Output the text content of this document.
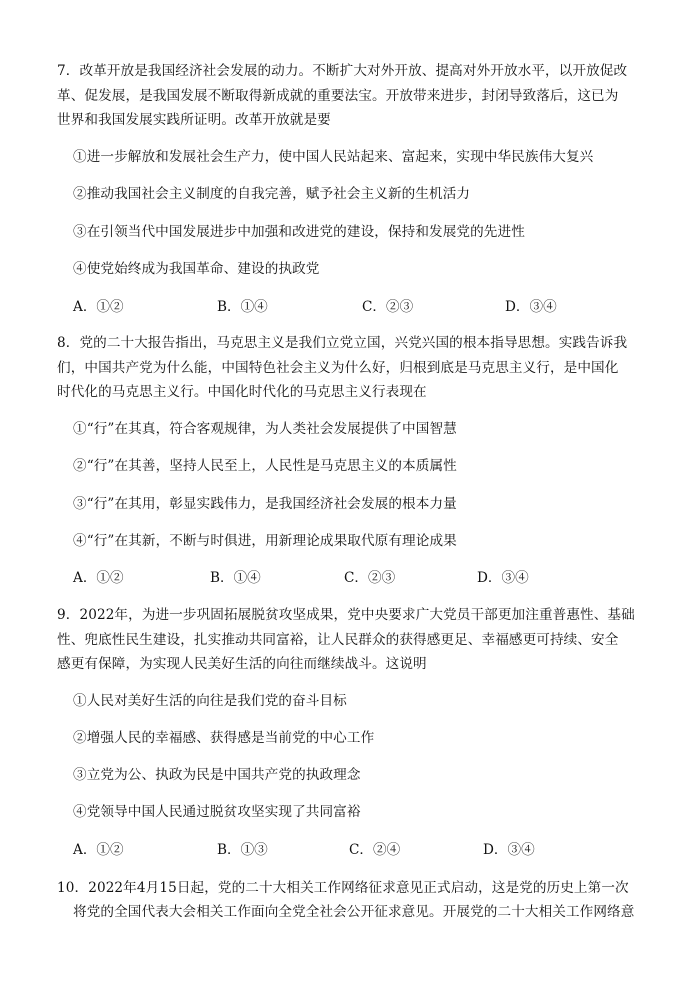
7．改革开放是我国经济社会发展的动力。不断扩大对外开放、提高对外开放水平，以开放促改
革、促发展，是我国发展不断取得新成就的重要法宝。开放带来进步，封闭导致落后，这已为
世界和我国发展实践所证明。改革开放就是要
①进一步解放和发展社会生产力，使中国人民站起来、富起来，实现中华民族伟大复兴
②推动我国社会主义制度的自我完善，赋予社会主义新的生机活力
③在引领当代中国发展进步中加强和改进党的建设，保持和发展党的先进性
④使党始终成为我国革命、建设的执政党
A．①②	B．①④	C．②③	D．③④
8．党的二十大报告指出，马克思主义是我们立党立国，兴党兴国的根本指导思想。实践告诉我
们，中国共产党为什么能，中国特色社会主义为什么好，归根到底是马克思主义行，是中国化
时代化的马克思主义行。中国化时代化的马克思主义行表现在
①“行”在其真，符合客观规律，为人类社会发展提供了中国智慧
②“行”在其善，坚持人民至上，人民性是马克思主义的本质属性
③“行”在其用，彰显实践伟力，是我国经济社会发展的根本力量
④“行”在其新，不断与时俱进，用新理论成果取代原有理论成果
A．①②	B．①④	C．②③	D．③④
9．2022年，为进一步巩固拓展脱贫攻坚成果，党中央要求广大党员干部更加注重普惠性、基础
性、兜底性民生建设，扎实推动共同富裕，让人民群众的获得感更足、幸福感更可持续、安全
感更有保障，为实现人民美好生活的向往而继续战斗。这说明
①人民对美好生活的向往是我们党的奋斗目标
②增强人民的幸福感、获得感是当前党的中心工作
③立党为公、执政为民是中国共产党的执政理念
④党领导中国人民通过脱贫攻坚实现了共同富裕
A．①②	B．①③	C．②④	D．③④
10．2022年4月15日起，党的二十大相关工作网络征求意见正式启动，这是党的历史上第一次
将党的全国代表大会相关工作面向全党全社会公开征求意见。开展党的二十大相关工作网络意
